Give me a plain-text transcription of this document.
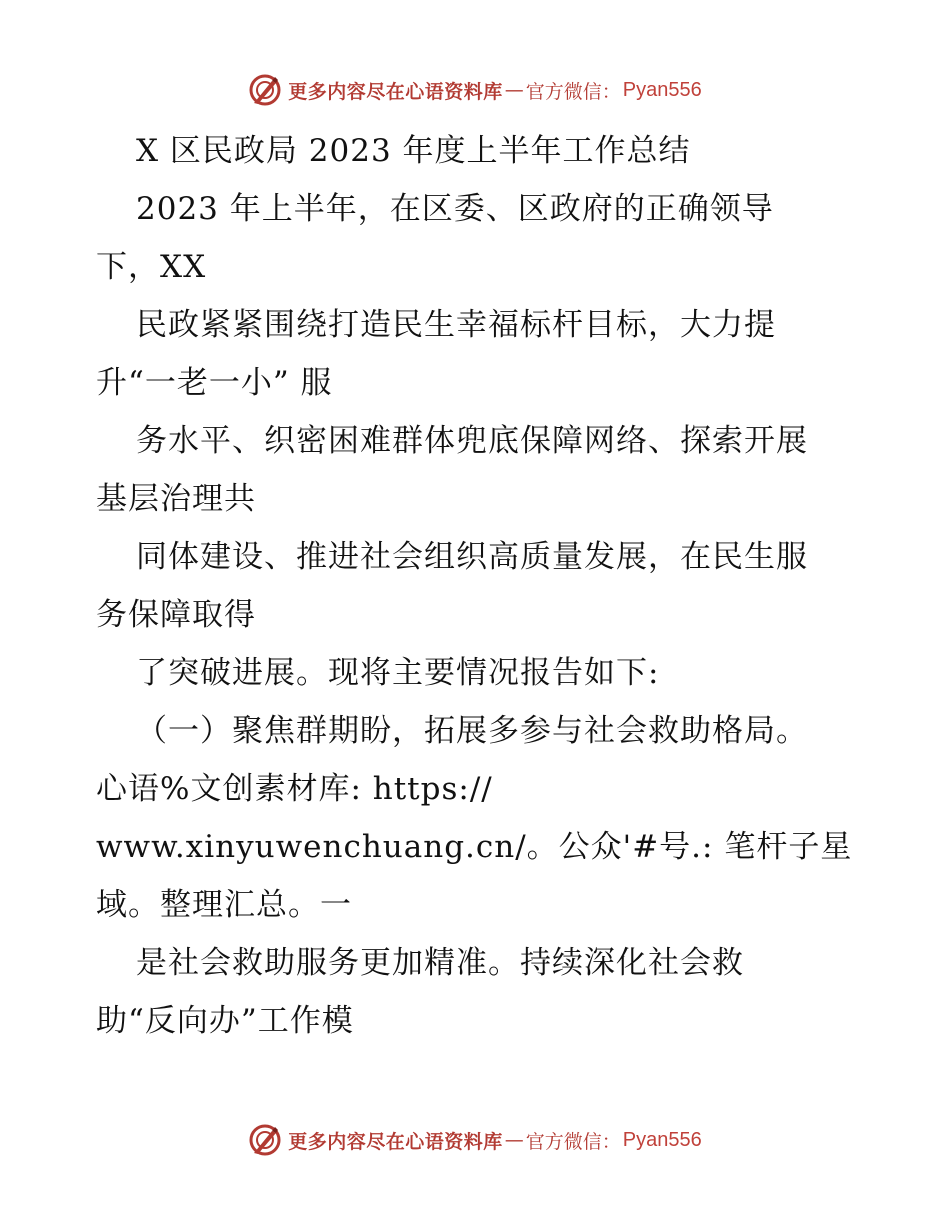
更多内容尽在心语资料库 — 官方微信： Pyan556
X 区民政局 2023 年度上半年工作总结
2023 年上半年，在区委、区政府的正确领导
下，XX
民政紧紧围绕打造民生幸福标杆目标，大力提
升“一老一小” 服
务水平、织密困难群体兜底保障网络、探索开展
基层治理共
同体建设、推进社会组织高质量发展，在民生服
务保障取得
了突破进展。现将主要情况报告如下:
（一）聚焦群期盼，拓展多参与社会救助格局。
心语%文创素材库: https://
www.xinyuwenchuang.cn/。公众'#号.: 笔杆子星
域。整理汇总。一
是社会救助服务更加精准。持续深化社会救
助“反向办”工作模
更多内容尽在心语资料库 — 官方微信： Pyan556
